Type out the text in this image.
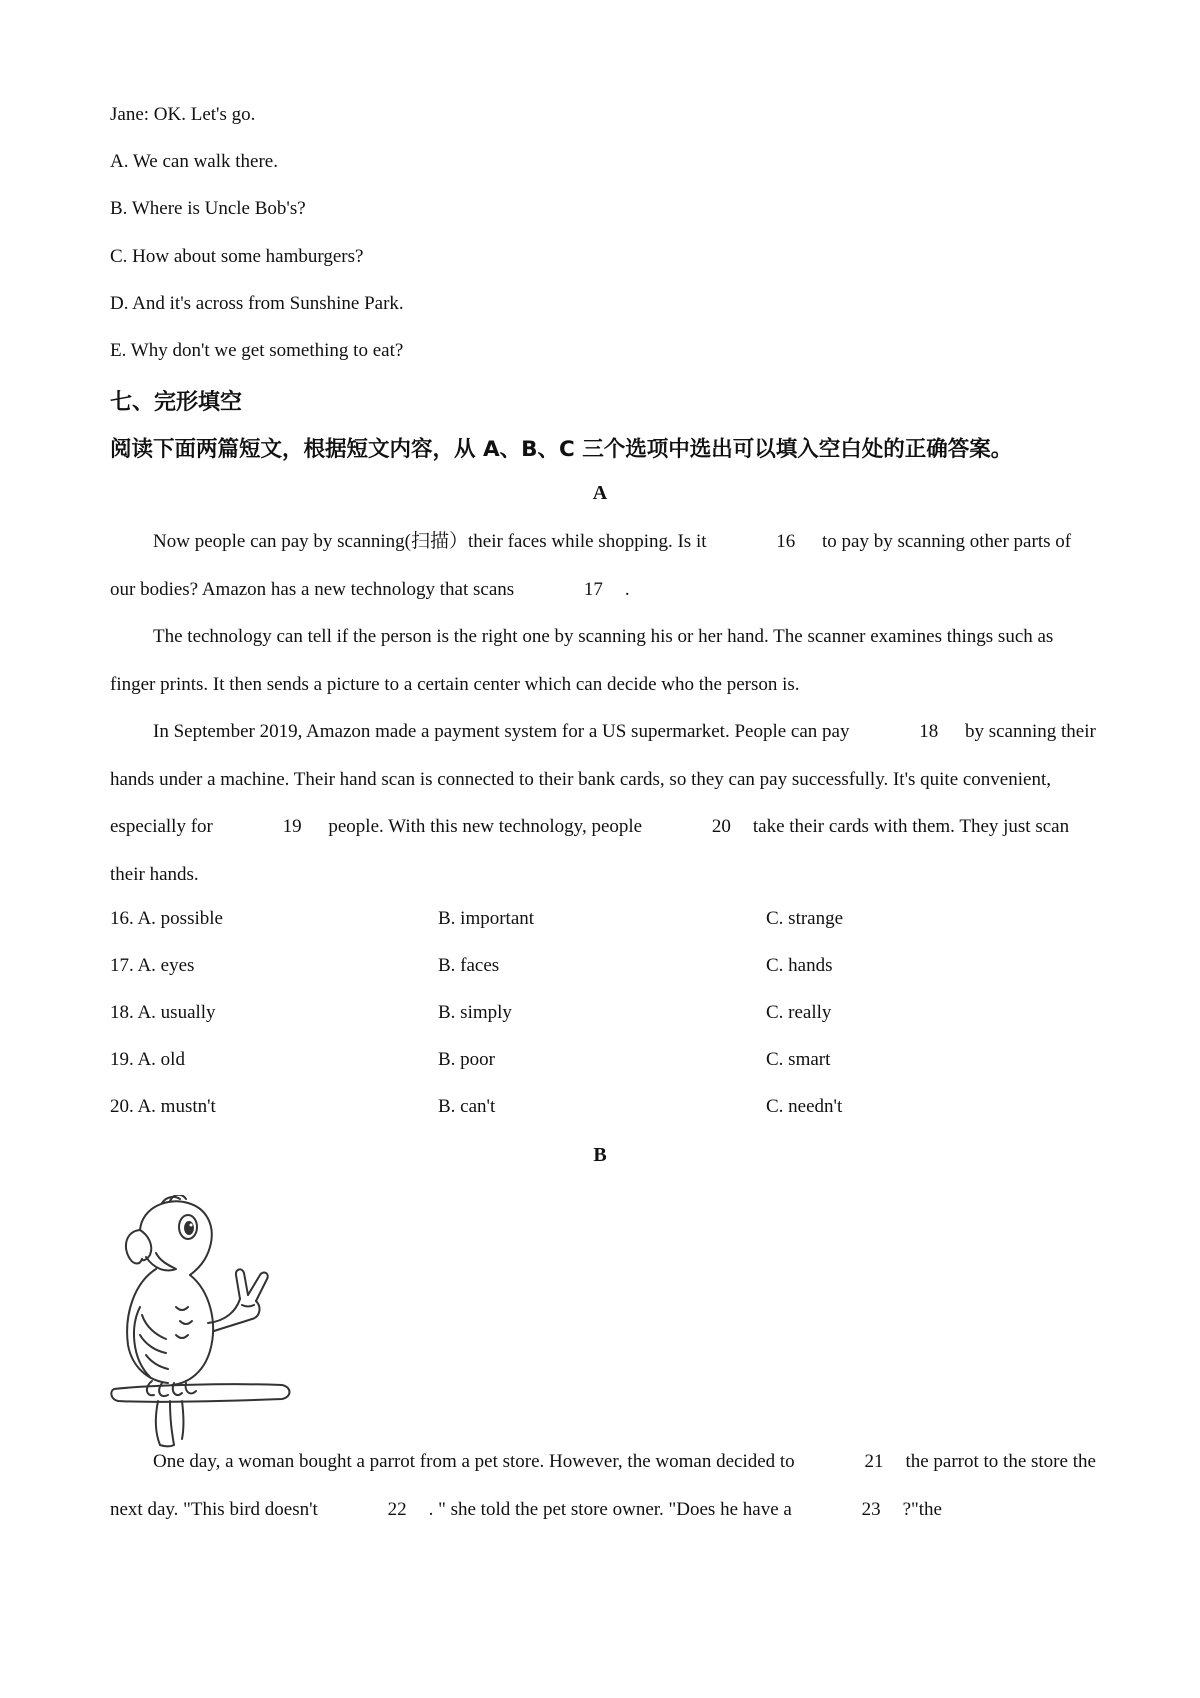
Jane: OK. Let's go.
A. We can walk there.
B. Where is Uncle Bob's?
C. How about some hamburgers?
D. And it's across from Sunshine Park.
E. Why don't we get something to eat?
七、完形填空
阅读下面两篇短文，根据短文内容，从 A、B、C 三个选项中选出可以填入空白处的正确答案。
A

Now people can pay by scanning(扫描）their faces while shopping. Is it	16 to pay by scanning other parts of our bodies? Amazon has a new technology that scans	17 .

The technology can tell if the person is the right one by scanning his or her hand. The scanner examines things such as finger prints. It then sends a picture to a certain center which can decide who the person is.

In September 2019, Amazon made a payment system for a US supermarket. People can pay	18 by scanning their hands under a machine. Their hand scan is connected to their bank cards, so they can pay successfully. It's quite convenient, especially for	19 people. With this new technology, people	20 take their cards with them. They just scan their hands.

16. A. possible	B. important	C. strange
17. A. eyes	B. faces	C. hands
18. A. usually	B. simply	C. really
19. A. old	B. poor	C. smart
20. A. mustn't	B. can't	C. needn't
B

One day, a woman bought a parrot from a pet store. However, the woman decided to	21 the parrot to the store the next day. "This bird doesn't	22 . " she told the pet store owner. "Does he have a	23 ?"the
